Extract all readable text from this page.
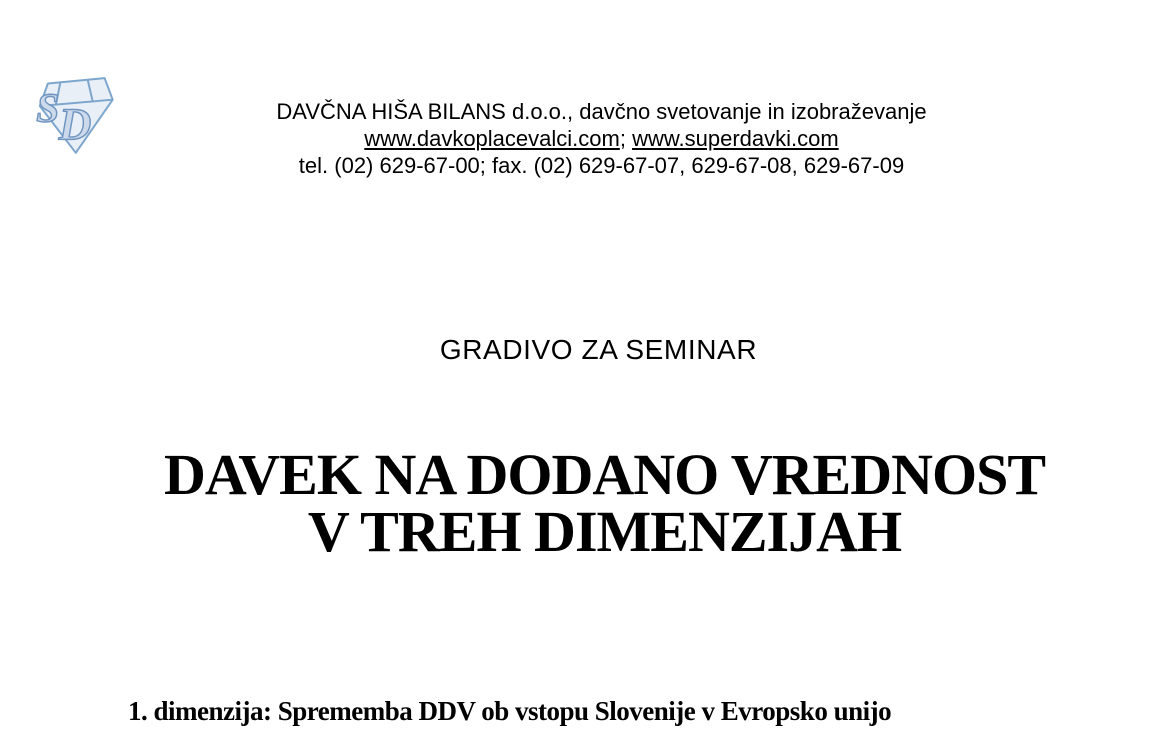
S D	DAVČNA HIŠA BILANS d.o.o., davčno svetovanje in izobraževanje
www.davkoplacevalci.com; www.superdavki.com
tel. (02) 629-67-00; fax. (02) 629-67-07, 629-67-08, 629-67-09
GRADIVO ZA SEMINAR
DAVEK NA DODANO VREDNOST
V TREH DIMENZIJAH
1. dimenzija: Sprememba DDV ob vstopu Slovenije v Evropsko unijo
